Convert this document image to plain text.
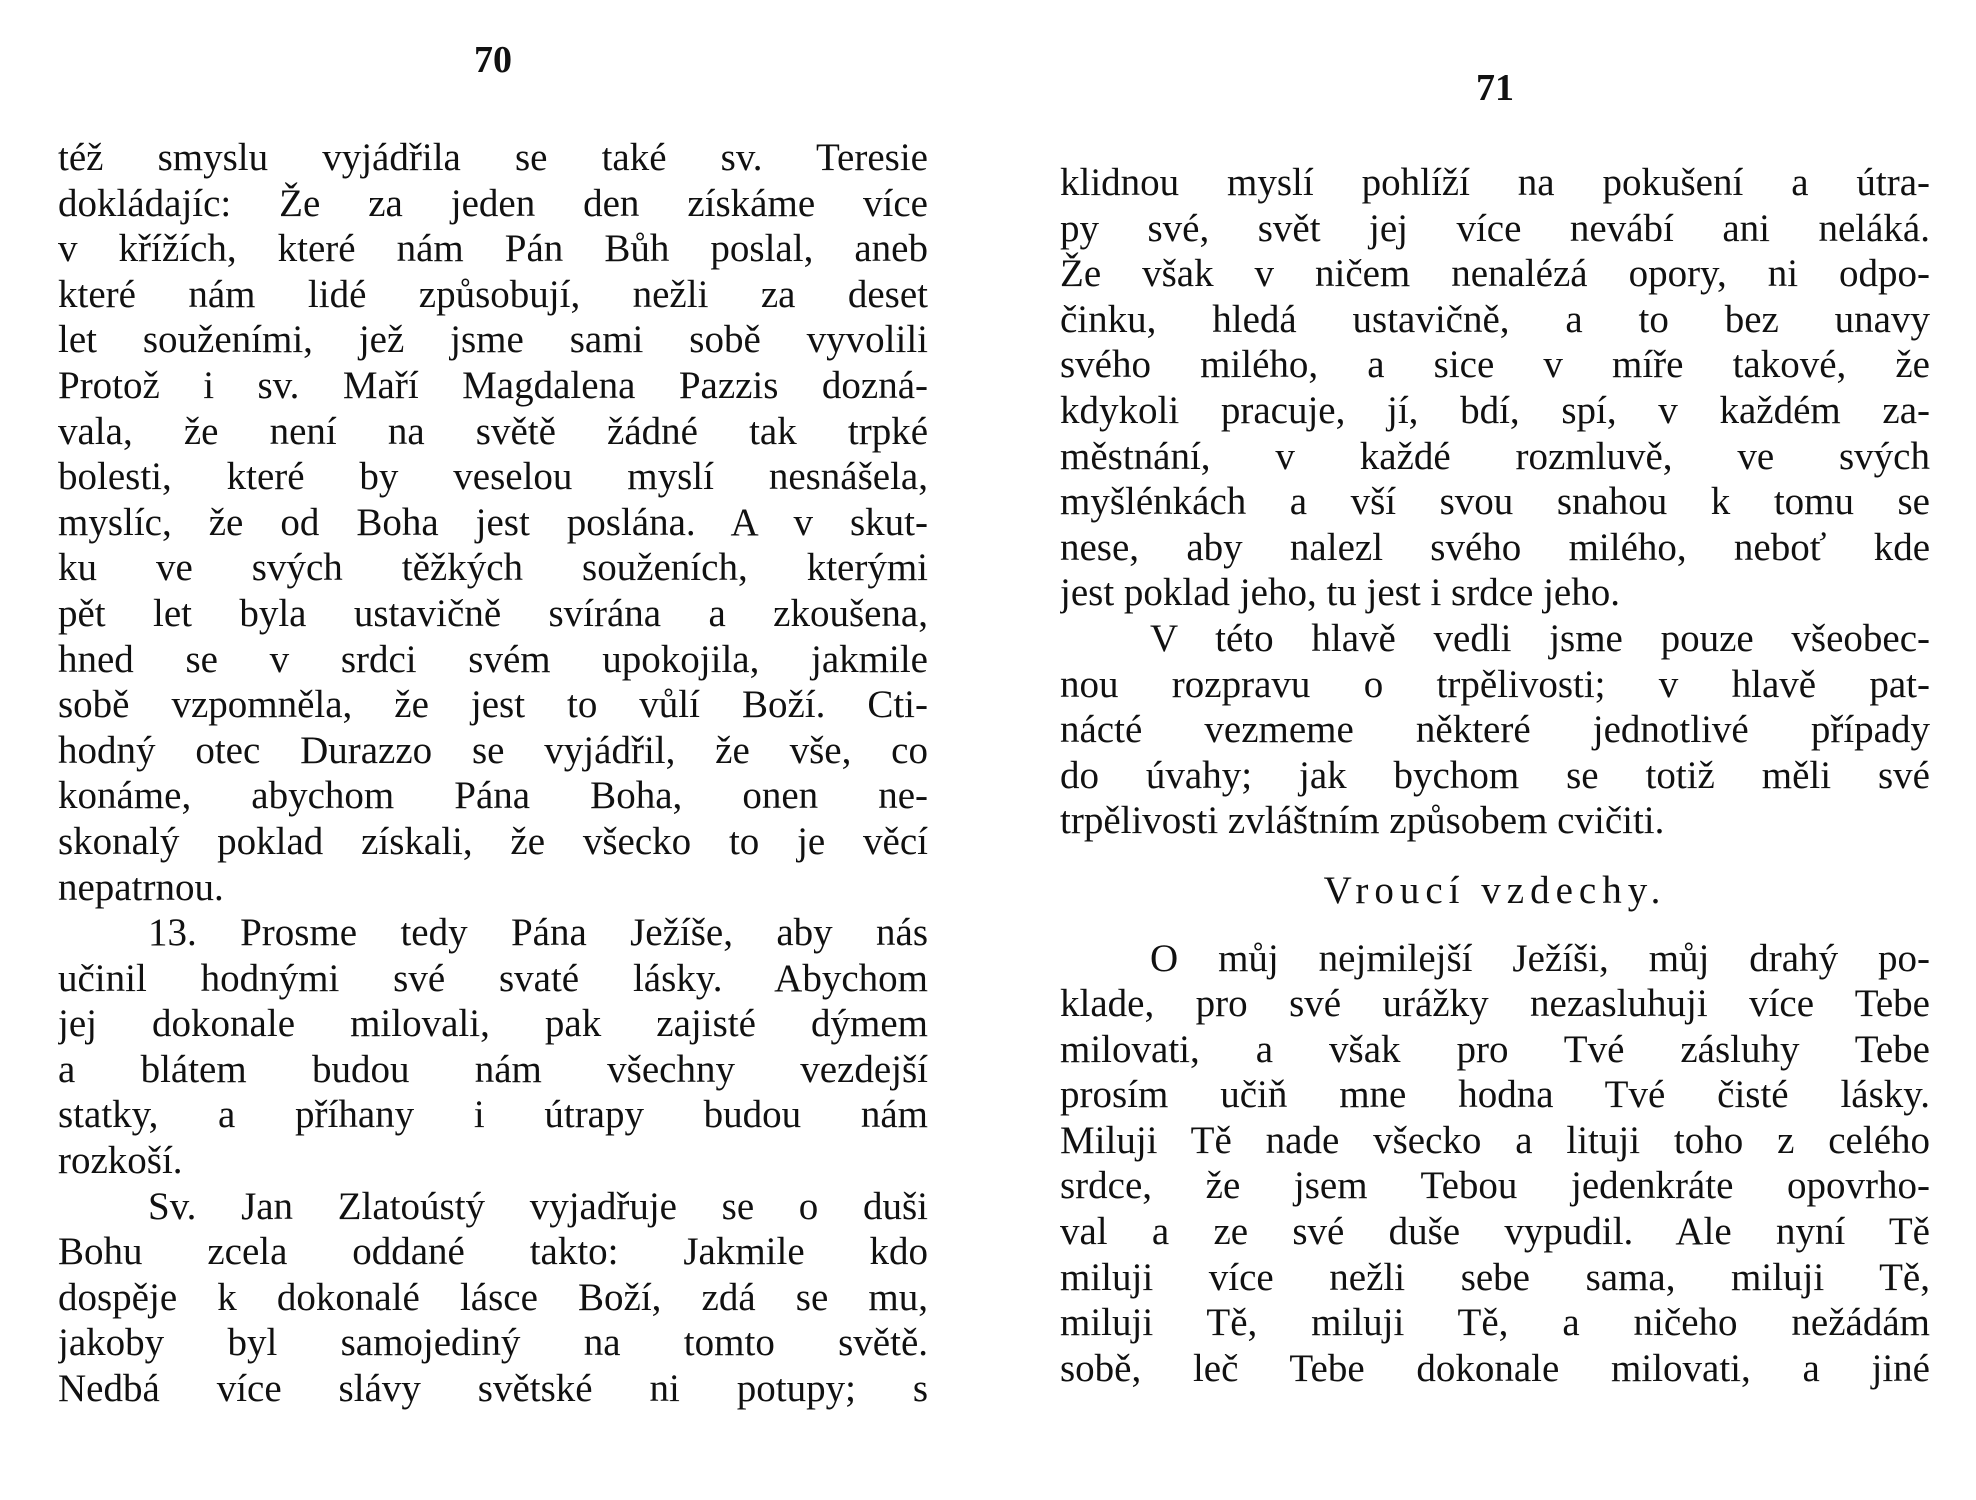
70
též smyslu vyjádřila se také sv. Teresie
dokládajíc: Že za jeden den získáme více
v křížích, které nám Pán Bůh poslal, aneb
které nám lidé způsobují, nežli za deset
let souženími, jež jsme sami sobě vyvolili
Protož i sv. Maří Magdalena Pazzis dozná-
vala, že není na světě žádné tak trpké
bolesti, které by veselou myslí nesnášela,
myslíc, že od Boha jest poslána. A v skut-
ku ve svých těžkých souženích, kterými
pět let byla ustavičně svírána a zkoušena,
hned se v srdci svém upokojila, jakmile
sobě vzpomněla, že jest to vůlí Boží. Cti-
hodný otec Durazzo se vyjádřil, že vše, co
konáme, abychom Pána Boha, onen ne-
skonalý poklad získali, že všecko to je věcí
nepatrnou.
13. Prosme tedy Pána Ježíše, aby nás
učinil hodnými své svaté lásky. Abychom
jej dokonale milovali, pak zajisté dýmem
a blátem budou nám všechny vezdejší
statky, a příhany i útrapy budou nám
rozkoší.
Sv. Jan Zlatoústý vyjadřuje se o duši
Bohu zcela oddané takto: Jakmile kdo
dospěje k dokonalé lásce Boží, zdá se mu,
jakoby byl samojediný na tomto světě.
Nedbá více slávy světské ni potupy; s
71
klidnou myslí pohlíží na pokušení a útra-
py své, svět jej více nevábí ani neláká.
Že však v ničem nenalézá opory, ni odpo-
činku, hledá ustavičně, a to bez unavy
svého milého, a sice v míře takové, že
kdykoli pracuje, jí, bdí, spí, v každém za-
městnání, v každé rozmluvě, ve svých
myšlénkách a vší svou snahou k tomu se
nese, aby nalezl svého milého, neboť kde
jest poklad jeho, tu jest i srdce jeho.
V této hlavě vedli jsme pouze všeobec-
nou rozpravu o trpělivosti; v hlavě pat-
nácté vezmeme některé jednotlivé případy
do úvahy; jak bychom se totiž měli své
trpělivosti zvláštním způsobem cvičiti.
Vroucí vzdechy.
O můj nejmilejší Ježíši, můj drahý po-
klade, pro své urážky nezasluhuji více Tebe
milovati, a však pro Tvé zásluhy Tebe
prosím učiň mne hodna Tvé čisté lásky.
Miluji Tě nade všecko a lituji toho z celého
srdce, že jsem Tebou jedenkráte opovrho-
val a ze své duše vypudil. Ale nyní Tě
miluji více nežli sebe sama, miluji Tě,
miluji Tě, miluji Tě, a ničeho nežádám
sobě, leč Tebe dokonale milovati, a jiné
